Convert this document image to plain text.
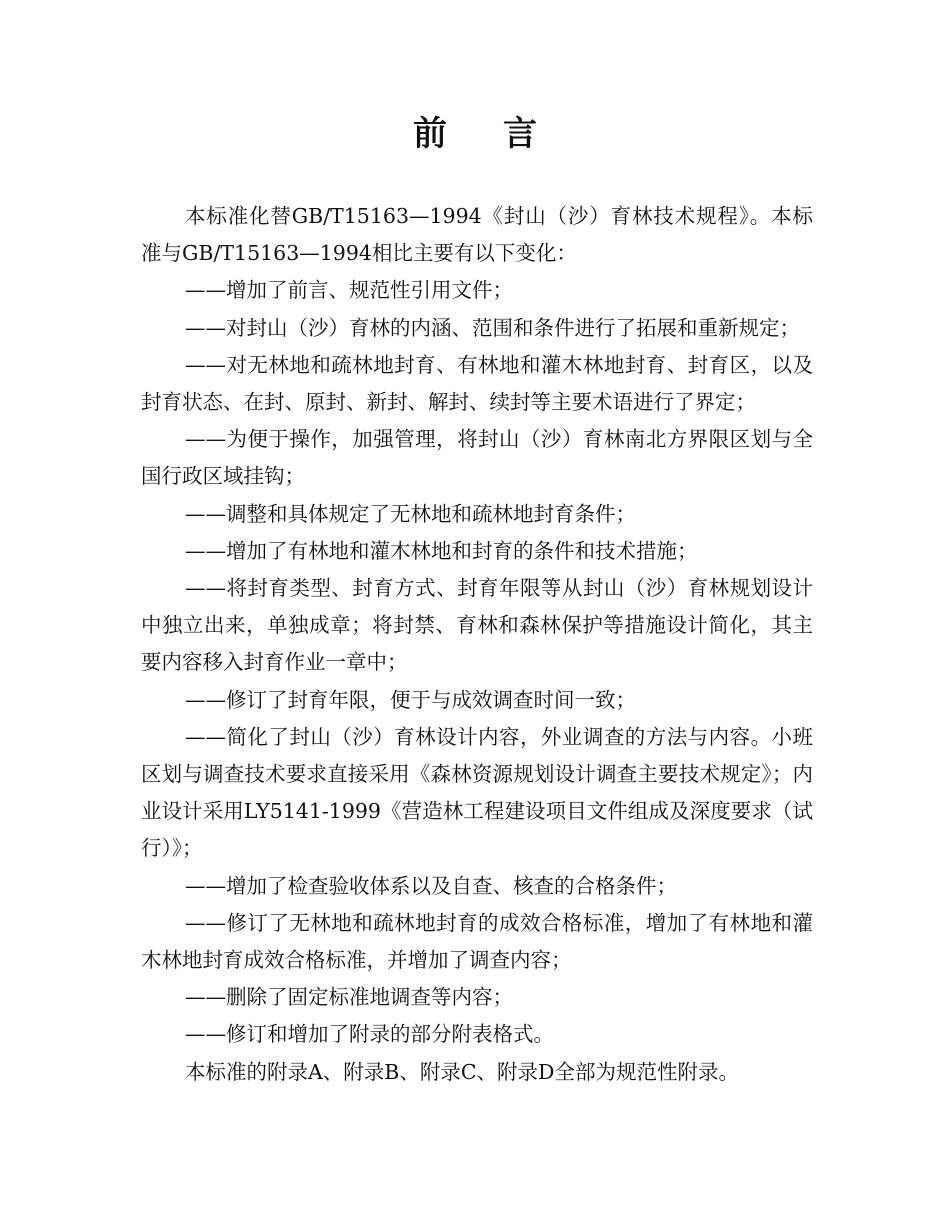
前言

本标准化替GB/T15163—1994《封山（沙）育林技术规程》。本标准与GB/T15163—1994相比主要有以下变化：

——增加了前言、规范性引用文件；

——对封山（沙）育林的内涵、范围和条件进行了拓展和重新规定；

——对无林地和疏林地封育、有林地和灌木林地封育、封育区，以及封育状态、在封、原封、新封、解封、续封等主要术语进行了界定；

——为便于操作，加强管理，将封山（沙）育林南北方界限区划与全国行政区域挂钩；

——调整和具体规定了无林地和疏林地封育条件；

——增加了有林地和灌木林地和封育的条件和技术措施；

——将封育类型、封育方式、封育年限等从封山（沙）育林规划设计中独立出来，单独成章；将封禁、育林和森林保护等措施设计简化，其主要内容移入封育作业一章中；

——修订了封育年限，便于与成效调查时间一致；

——简化了封山（沙）育林设计内容，外业调查的方法与内容。小班区划与调查技术要求直接采用《森林资源规划设计调查主要技术规定》；内业设计采用LY5141-1999《营造林工程建设项目文件组成及深度要求（试行）》；

——增加了检查验收体系以及自查、核查的合格条件；

——修订了无林地和疏林地封育的成效合格标准，增加了有林地和灌木林地封育成效合格标准，并增加了调查内容；

——删除了固定标准地调查等内容；

——修订和增加了附录的部分附表格式。

本标准的附录A、附录B、附录C、附录D全部为规范性附录。
